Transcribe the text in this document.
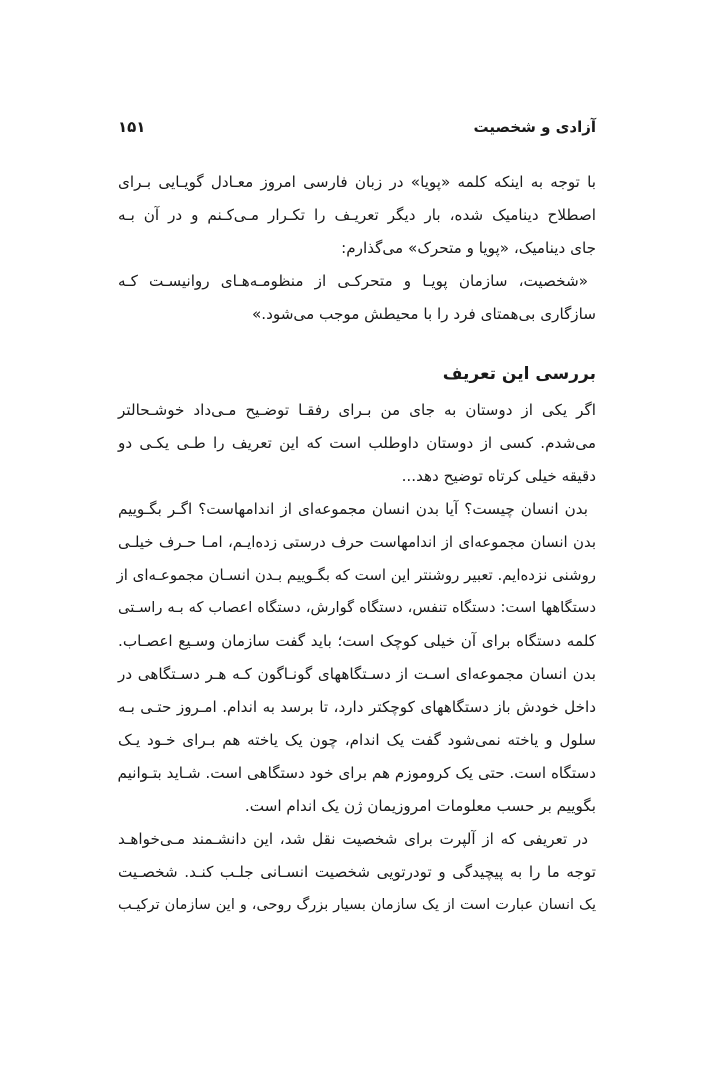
آزادی و شخصیت
۱۵۱
با توجه به اینکه کلمه «پویا» در زبان فارسی امروز معـادل گویـایی بـرای
اصطلاح دینامیک شده، بار دیگر تعریـف را تکـرار مـی‌کـنم و در آن بـه
جای دینامیک، «پویا و متحرک» می‌گذارم:
«شخصیت، سازمان پویـا و متحرکـی از منظومـه‌هـای روانیسـت کـه
سازگاری بی‌همتای فرد را با محیطش موجب می‌شود.»
بررسی این تعریف
اگر یکی از دوستان به جای من بـرای رفقـا توضـیح مـی‌داد خوشـحالتر
می‌شدم. کسی از دوستان داوطلب است که این تعریف را طـی یکـی دو
دقیقه خیلی کرتاه توضیح دهد...
بدن انسان چیست؟ آیا بدن انسان مجموعه‌ای از اندامهاست؟ اگـر بگـوییم
بدن انسان مجموعه‌ای از اندامهاست حرف درستی زده‌ایـم، امـا حـرف خیلـی
روشنی نزده‌ایم. تعبیر روشنتر این است که بگـوییم بـدن انسـان مجموعـه‌ای از
دستگاهها است: دستگاه تنفس، دستگاه گوارش، دستگاه اعصاب که بـه راسـتی
کلمه دستگاه برای آن خیلی کوچک است؛ باید گفت سازمان وسـیع اعصـاب.
بدن انسان مجموعه‌ای اسـت از دسـتگاههای گونـاگون کـه هـر دسـتگاهی در
داخل خودش باز دستگاههای کوچکتر دارد، تا برسد به اندام. امـروز حتـی بـه
سلول و یاخته نمی‌شود گفت یک اندام، چون یک یاخته هم بـرای خـود یـک
دستگاه است. حتی یک کروموزم هم برای خود دستگاهی است. شـاید بتـوانیم
بگوییم بر حسب معلومات امروزیمان ژن یک اندام است.
در تعریفی که از آلپرت برای شخصیت نقل شد، این دانشـمند مـی‌خواهـد
توجه ما را به پیچیدگی و تودرتویی شخصیت انسـانی جلـب کنـد. شخصـیت
یک انسان عبارت است از یک سازمان بسیار بزرگ روحی، و این سازمان ترکیـب
